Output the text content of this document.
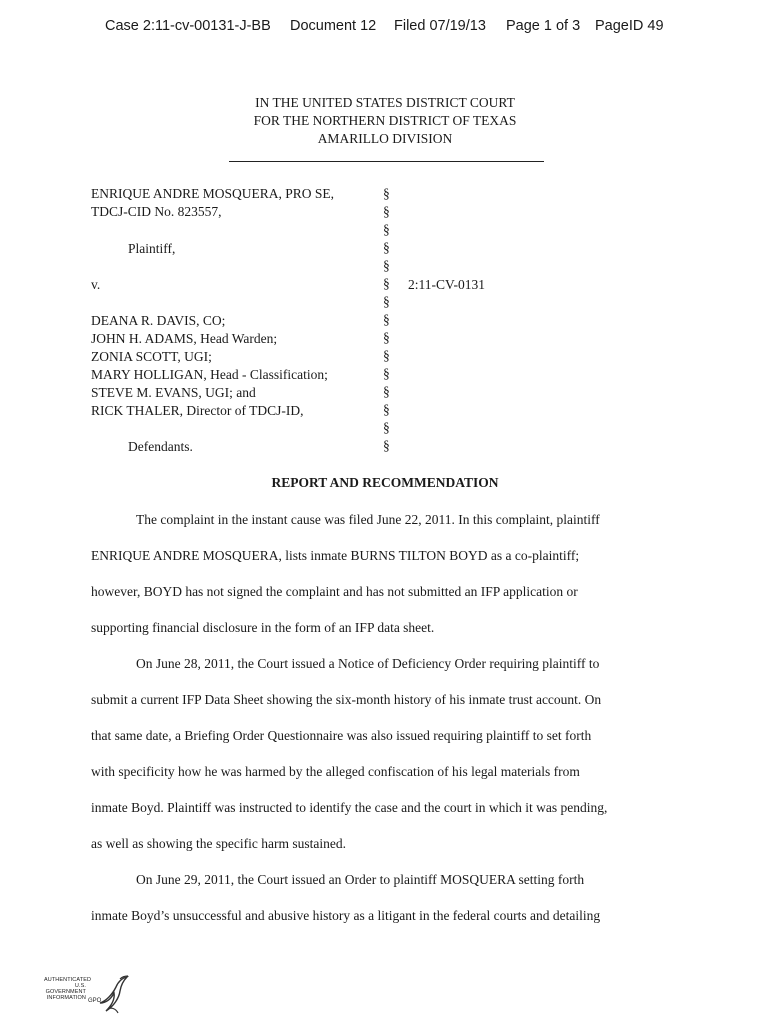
Case 2:11-cv-00131-J-BB Document 12 Filed 07/19/13 Page 1 of 3 PageID 49
IN THE UNITED STATES DISTRICT COURT
FOR THE NORTHERN DISTRICT OF TEXAS
AMARILLO DIVISION
ENRIQUE ANDRE MOSQUERA, PRO SE,
TDCJ-CID No. 823557,
Plaintiff,
v.
DEANA R. DAVIS, CO;
JOHN H. ADAMS, Head Warden;
ZONIA SCOTT, UGI;
MARY HOLLIGAN, Head - Classification;
STEVE M. EVANS, UGI; and
RICK THALER, Director of TDCJ-ID,
Defendants.
§
§
§
§
§
§
§
§
§
§
§
§
§
§
§
2:11-CV-0131
REPORT AND RECOMMENDATION
The complaint in the instant cause was filed June 22, 2011. In this complaint, plaintiff
ENRIQUE ANDRE MOSQUERA, lists inmate BURNS TILTON BOYD as a co-plaintiff;
however, BOYD has not signed the complaint and has not submitted an IFP application or
supporting financial disclosure in the form of an IFP data sheet.
On June 28, 2011, the Court issued a Notice of Deficiency Order requiring plaintiff to
submit a current IFP Data Sheet showing the six-month history of his inmate trust account. On
that same date, a Briefing Order Questionnaire was also issued requiring plaintiff to set forth
with specificity how he was harmed by the alleged confiscation of his legal materials from
inmate Boyd. Plaintiff was instructed to identify the case and the court in which it was pending,
as well as showing the specific harm sustained.
On June 29, 2011, the Court issued an Order to plaintiff MOSQUERA setting forth
inmate Boyd’s unsuccessful and abusive history as a litigant in the federal courts and detailing
AUTHENTICATED
U.S. GOVERNMENT
INFORMATION GPO
